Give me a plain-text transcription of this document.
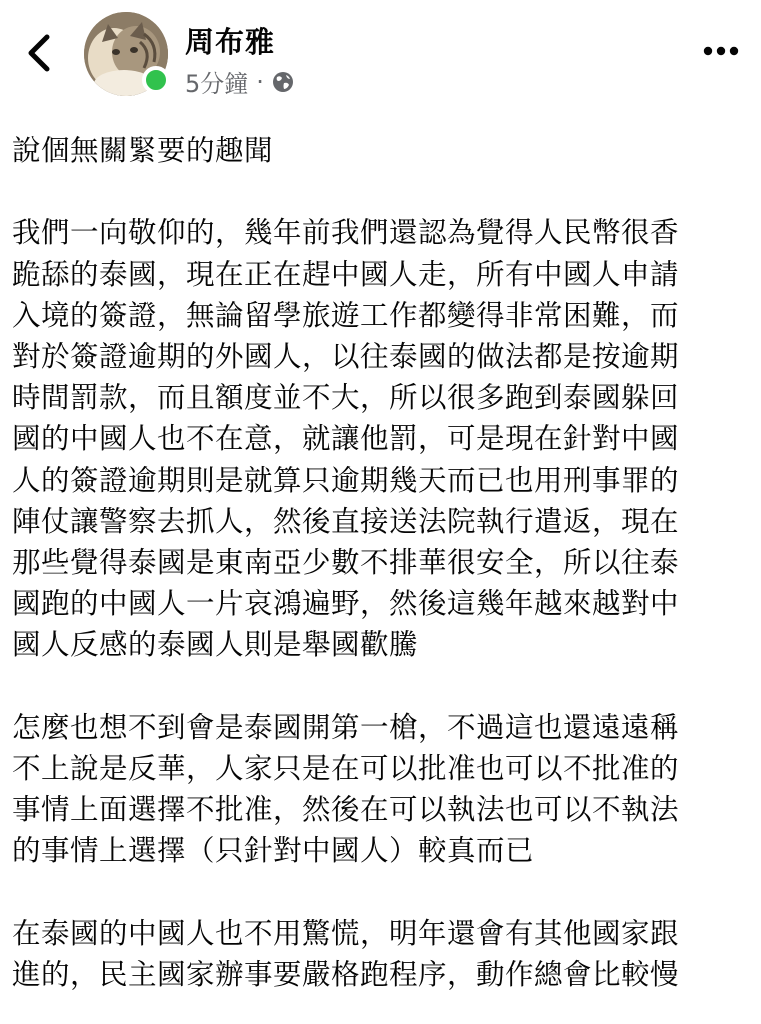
周布雅
5分鐘 ·

說個無關緊要的趣聞

我們一向敬仰的，幾年前我們還認為覺得人民幣很香
跪舔的泰國，現在正在趕中國人走，所有中國人申請
入境的簽證，無論留學旅遊工作都變得非常困難，而
對於簽證逾期的外國人，以往泰國的做法都是按逾期
時間罰款，而且額度並不大，所以很多跑到泰國躲回
國的中國人也不在意，就讓他罰，可是現在針對中國
人的簽證逾期則是就算只逾期幾天而已也用刑事罪的
陣仗讓警察去抓人，然後直接送法院執行遣返，現在
那些覺得泰國是東南亞少數不排華很安全，所以往泰
國跑的中國人一片哀鴻遍野，然後這幾年越來越對中
國人反感的泰國人則是舉國歡騰

怎麼也想不到會是泰國開第一槍，不過這也還遠遠稱
不上說是反華，人家只是在可以批准也可以不批准的
事情上面選擇不批准，然後在可以執法也可以不執法
的事情上選擇（只針對中國人）較真而已

在泰國的中國人也不用驚慌，明年還會有其他國家跟
進的，民主國家辦事要嚴格跑程序，動作總會比較慢
